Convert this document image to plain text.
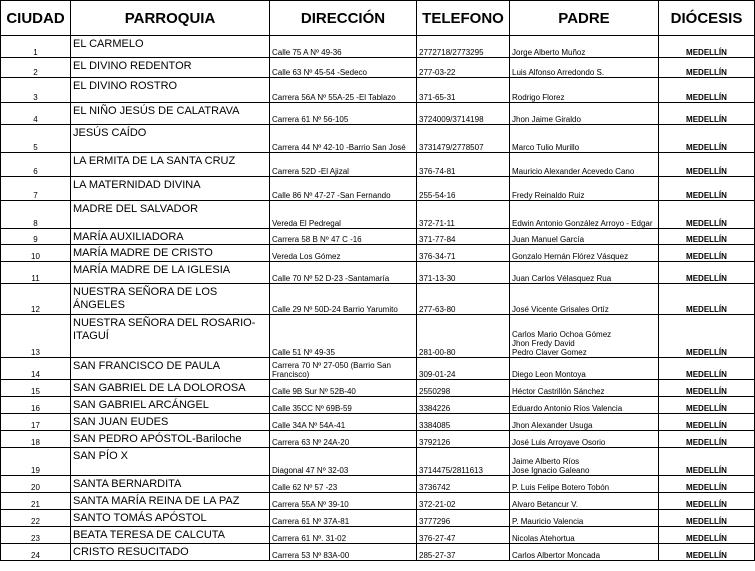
CIUDAD	PARROQUIA	DIRECCIÓN	TELEFONO	PADRE	DIÓCESIS
1	EL CARMELO	Calle 75 A Nº 49-36	2772718/2773295	Jorge Alberto Muñoz	MEDELLÍN
2	EL DIVINO REDENTOR	Calle 63 Nº 45-54 -Sedeco	277-03-22	Luis Alfonso Arredondo S.	MEDELLÍN
3	EL DIVINO ROSTRO	Carrera 56A Nº 55A-25 -El Tablazo	371-65-31	Rodrigo Florez	MEDELLÍN
4	EL NIÑO JESÚS DE CALATRAVA	Carrera 61 Nº 56-105	3724009/3714198	Jhon Jaime Giraldo	MEDELLÍN
5	JESÚS CAÍDO	Carrera 44 Nº 42-10 -Barrio San José	3731479/2778507	Marco Tulio Murillo	MEDELLÍN
6	LA ERMITA DE LA SANTA CRUZ	Carrera 52D -El Ajizal	376-74-81	Mauricio Alexander Acevedo Cano	MEDELLÍN
7	LA MATERNIDAD DIVINA	Calle 86 Nº 47-27 -San Fernando	255-54-16	Fredy Reinaldo Ruiz	MEDELLÍN
8	MADRE DEL SALVADOR	Vereda El Pedregal	372-71-11	Edwin Antonio González Arroyo - Edgar	MEDELLÍN
9	MARÍA AUXILIADORA	Carrera 58 B Nº 47 C -16	371-77-84	Juan Manuel García	MEDELLÍN
10	MARÍA MADRE DE CRISTO	Vereda Los Gómez	376-34-71	Gonzalo Hernán Flórez Vásquez	MEDELLÍN
11	MARÍA MADRE DE LA IGLESIA	Calle 70 Nº 52 D-23 -Santamaría	371-13-30	Juan Carlos Vélasquez Rua	MEDELLÍN
12	NUESTRA SEÑORA DE LOS ÁNGELES	Calle 29 Nº 50D-24 Barrio Yarumito	277-63-80	José Vicente Grisales Ortíz	MEDELLÍN
13	NUESTRA SEÑORA DEL ROSARIO-ITAGUÍ	Calle 51 Nº 49-35	281-00-80	Carlos Mario Ochoa Gómez
Jhon Fredy David
Pedro Claver Gomez	MEDELLÍN
14	SAN FRANCISCO DE PAULA	Carrera 70 Nº 27-050 (Barrio San Francisco)	309-01-24	Diego Leon Montoya	MEDELLÍN
15	SAN GABRIEL DE LA DOLOROSA	Calle 9B Sur Nº 52B-40	2550298	Héctor Castrillón Sánchez	MEDELLÍN
16	SAN GABRIEL ARCÁNGEL	Calle 35CC Nº 69B-59	3384226	Eduardo Antonio Ríos Valencia	MEDELLÍN
17	SAN JUAN EUDES	Calle 34A Nº 54A-41	3384085	Jhon Alexander Usuga	MEDELLÍN
18	SAN PEDRO APÓSTOL-Bariloche	Carrera 63 Nº 24A-20	3792126	José Luis Arroyave Osorio	MEDELLÍN
19	SAN PÍO X	Diagonal 47 Nº 32-03	3714475/2811613	Jaime Alberto Ríos
Jose Ignacio Galeano	MEDELLÍN
20	SANTA BERNARDITA	Calle 62 Nº 57 -23	3736742	P. Luis Felipe Botero Tobón	MEDELLÍN
21	SANTA MARÍA REINA DE LA PAZ	Carrera 55A Nº 39-10	372-21-02	Alvaro Betancur V.	MEDELLÍN
22	SANTO TOMÁS APÓSTOL	Carrera 61 Nº 37A-81	3777296	P. Mauricio Valencia	MEDELLÍN
23	BEATA TERESA DE CALCUTA	Carrera 61 Nº. 31-02	376-27-47	Nicolas Atehortua	MEDELLÍN
24	CRISTO RESUCITADO	Carrera 53 Nº 83A-00	285-27-37	Carlos Albertor Moncada	MEDELLÍN
